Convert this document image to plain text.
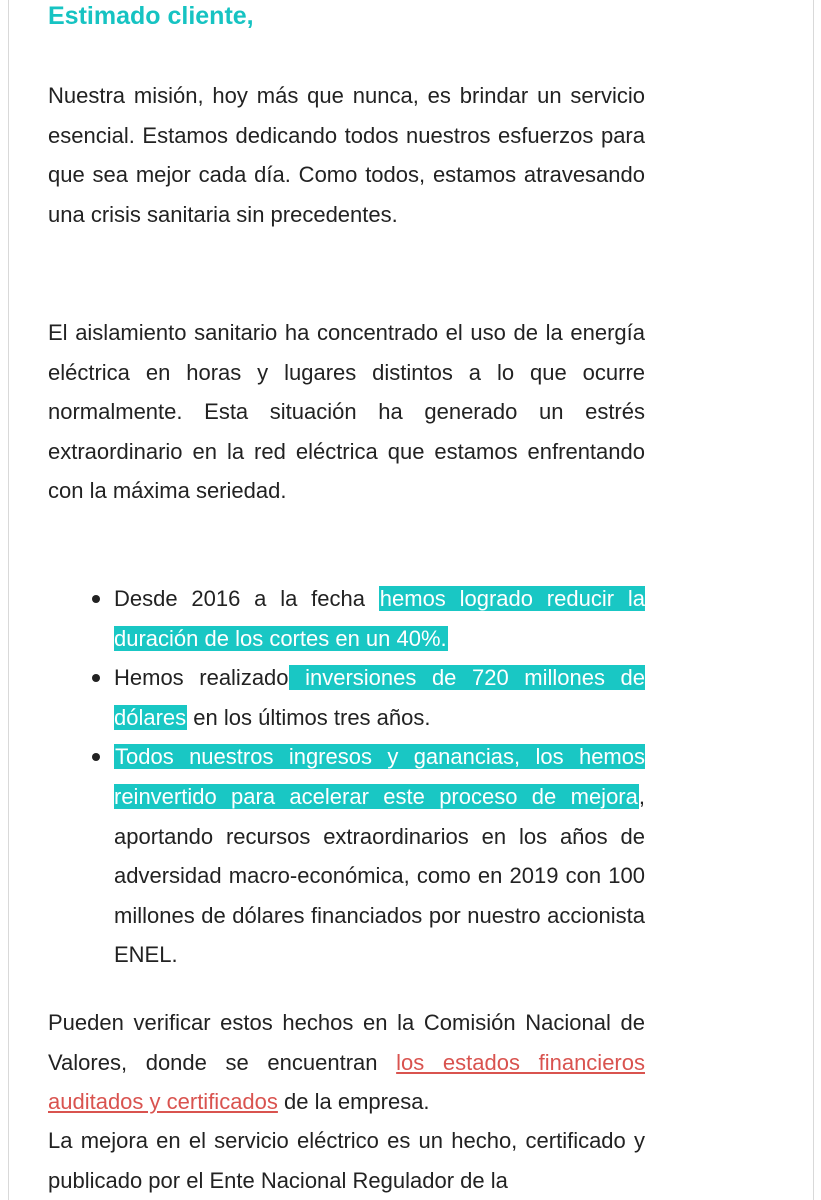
Estimado cliente,

Nuestra misión, hoy más que nunca, es brindar un servicio esencial. Estamos dedicando todos nuestros esfuerzos para que sea mejor cada día. Como todos, estamos atravesando una crisis sanitaria sin precedentes.

El aislamiento sanitario ha concentrado el uso de la energía eléctrica en horas y lugares distintos a lo que ocurre normalmente. Esta situación ha generado un estrés extraordinario en la red eléctrica que estamos enfrentando con la máxima seriedad.

Desde 2016 a la fecha hemos logrado reducir la duración de los cortes en un 40%.
Hemos realizado inversiones de 720 millones de dólares en los últimos tres años.
Todos nuestros ingresos y ganancias, los hemos reinvertido para acelerar este proceso de mejora, aportando recursos extraordinarios en los años de adversidad macro-económica, como en 2019 con 100 millones de dólares financiados por nuestro accionista ENEL.

Pueden verificar estos hechos en la Comisión Nacional de Valores, donde se encuentran los estados financieros auditados y certificados de la empresa.

La mejora en el servicio eléctrico es un hecho, certificado y publicado por el Ente Nacional Regulador de la
